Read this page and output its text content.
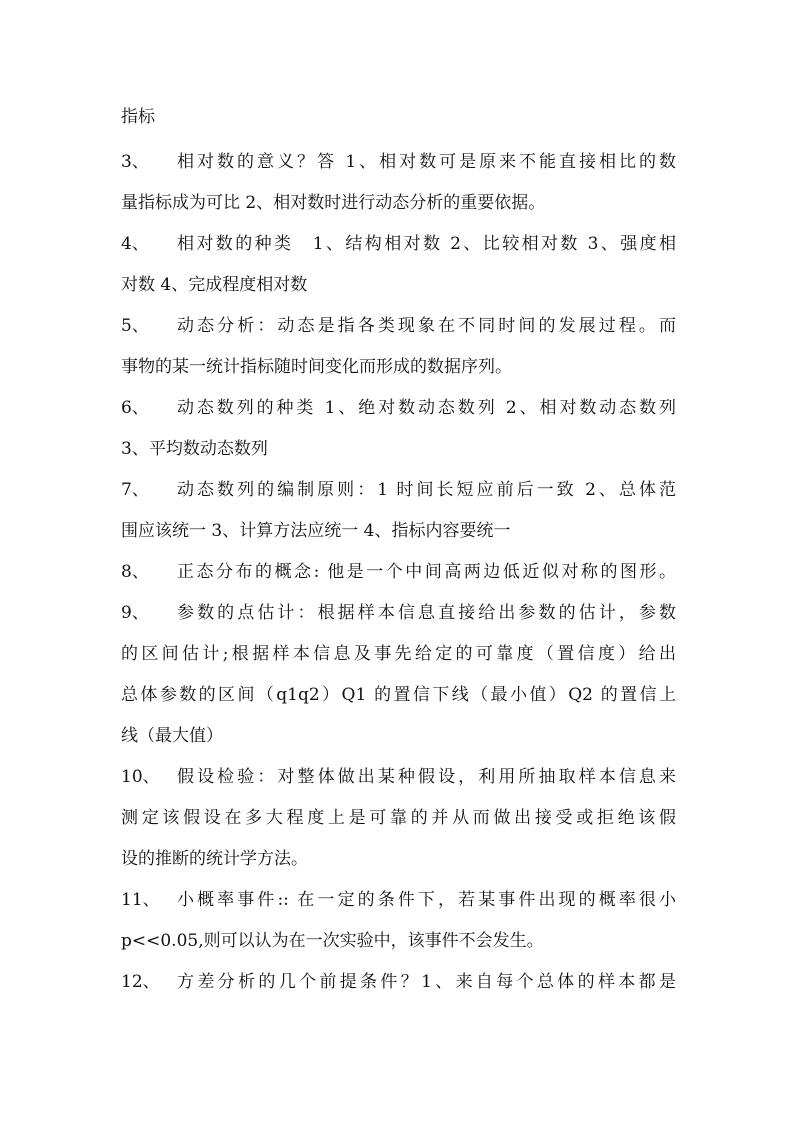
指标
3、 相对数的意义？答 1、相对数可是原来不能直接相比的数
量指标成为可比 2、相对数时进行动态分析的重要依据。
4、 相对数的种类　1、结构相对数 2、比较相对数 3、强度相
对数 4、完成程度相对数
5、 动态分析：动态是指各类现象在不同时间的发展过程。而
事物的某一统计指标随时间变化而形成的数据序列。
6、 动态数列的种类 1、绝对数动态数列 2、相对数动态数列
3、平均数动态数列
7、 动态数列的编制原则：1 时间长短应前后一致 2、总体范
围应该统一 3、计算方法应统一 4、指标内容要统一
8、 正态分布的概念: 他是一个中间高两边低近似对称的图形。
9、 参数的点估计：根据样本信息直接给出参数的估计，参数
的区间估计;根据样本信息及事先给定的可靠度（置信度）给出
总体参数的区间（q1q2）Q1 的置信下线（最小值）Q2 的置信上
线（最大值）
10、 假设检验：对整体做出某种假设，利用所抽取样本信息来
测定该假设在多大程度上是可靠的并从而做出接受或拒绝该假
设的推断的统计学方法。
11、 小概率事件:: 在一定的条件下，若某事件出现的概率很小
p<<0.05,则可以认为在一次实验中，该事件不会发生。
12、 方差分析的几个前提条件？1、来自每个总体的样本都是
